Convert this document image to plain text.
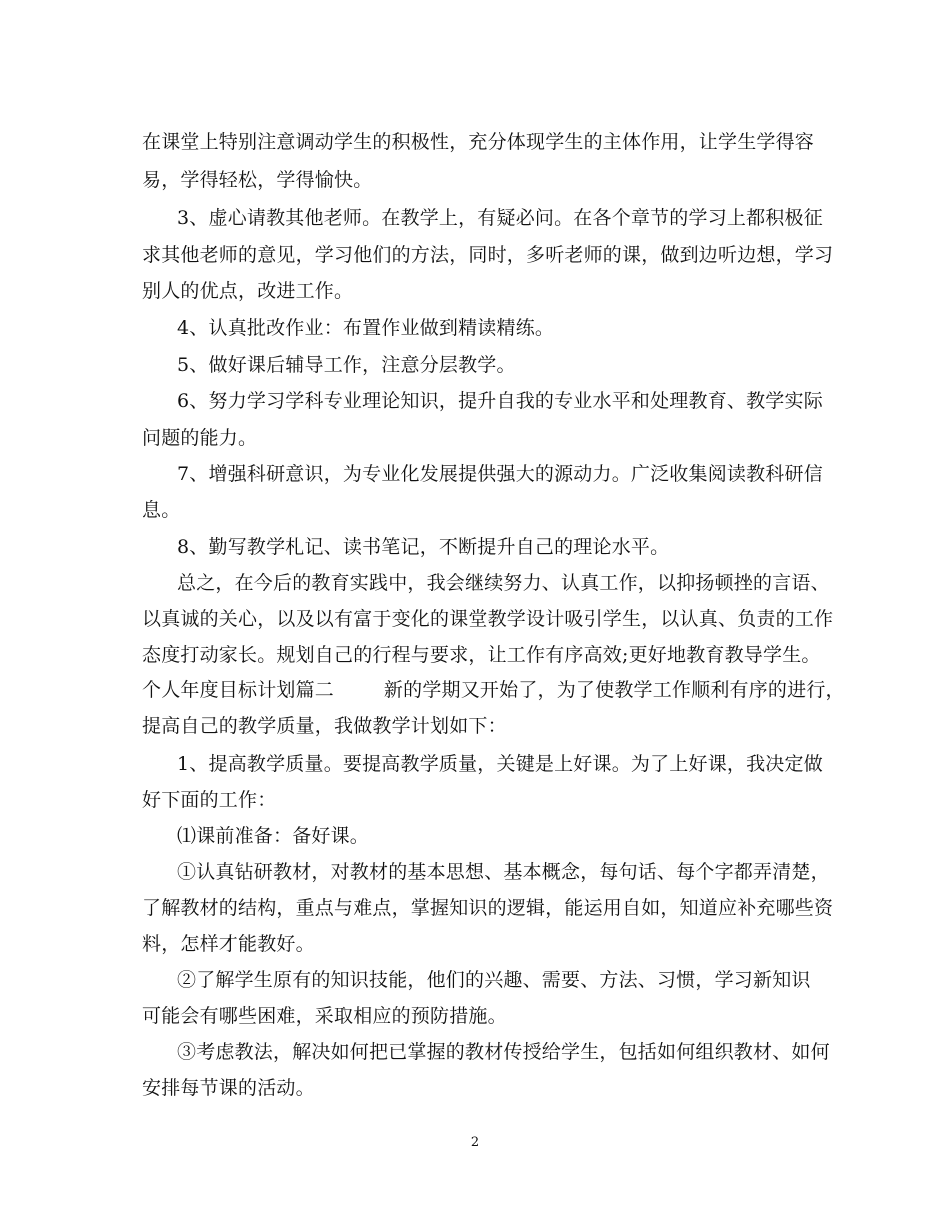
在课堂上特别注意调动学生的积极性，充分体现学生的主体作用，让学生学得容
易，学得轻松，学得愉快。
3、虚心请教其他老师。在教学上，有疑必问。在各个章节的学习上都积极征
求其他老师的意见，学习他们的方法，同时，多听老师的课，做到边听边想，学习
别人的优点，改进工作。
4、认真批改作业：布置作业做到精读精练。
5、做好课后辅导工作，注意分层教学。
6、努力学习学科专业理论知识，提升自我的专业水平和处理教育、教学实际
问题的能力。
7、增强科研意识，为专业化发展提供强大的源动力。广泛收集阅读教科研信
息。
8、勤写教学札记、读书笔记，不断提升自己的理论水平。
总之，在今后的教育实践中，我会继续努力、认真工作，以抑扬顿挫的言语、
以真诚的关心，以及以有富于变化的课堂教学设计吸引学生，以认真、负责的工作
态度打动家长。规划自己的行程与要求，让工作有序高效;更好地教育教导学生。
个人年度目标计划篇二        新的学期又开始了，为了使教学工作顺利有序的进行，
提高自己的教学质量，我做教学计划如下：
1、提高教学质量。要提高教学质量，关键是上好课。为了上好课，我决定做
好下面的工作：
⑴课前准备：备好课。
①认真钻研教材，对教材的基本思想、基本概念，每句话、每个字都弄清楚，
了解教材的结构，重点与难点，掌握知识的逻辑，能运用自如，知道应补充哪些资
料，怎样才能教好。
②了解学生原有的知识技能，他们的兴趣、需要、方法、习惯，学习新知识
可能会有哪些困难，采取相应的预防措施。
③考虑教法，解决如何把已掌握的教材传授给学生，包括如何组织教材、如何
安排每节课的活动。
2
